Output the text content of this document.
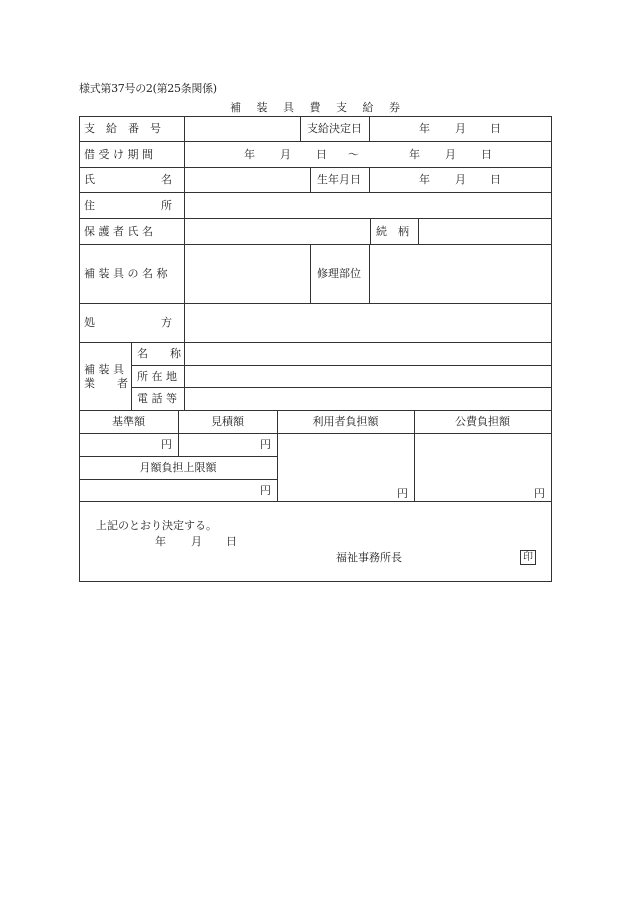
様式第37号の2(第25条関係)
補 装 具 費 支 給 券
支　給　番　号	支給決定日	年 月 日
借 受 け 期 間	年 月 日 ～	年 月 日
氏　　　　　　名	生年月日	年 月 日
住　　　　　　所
保 護 者 氏 名	続　柄
補 装 具 の 名 称	修理部位
処　　　　　　方
補 装 具
業　　者
名　　称
所 在 地
電 話 等
基準額	見積額	利用者負担額	公費負担額
円	円
月額負担上限額
円	円	円
上記のとおり決定する。
年 月 日
福祉事務所長	印
